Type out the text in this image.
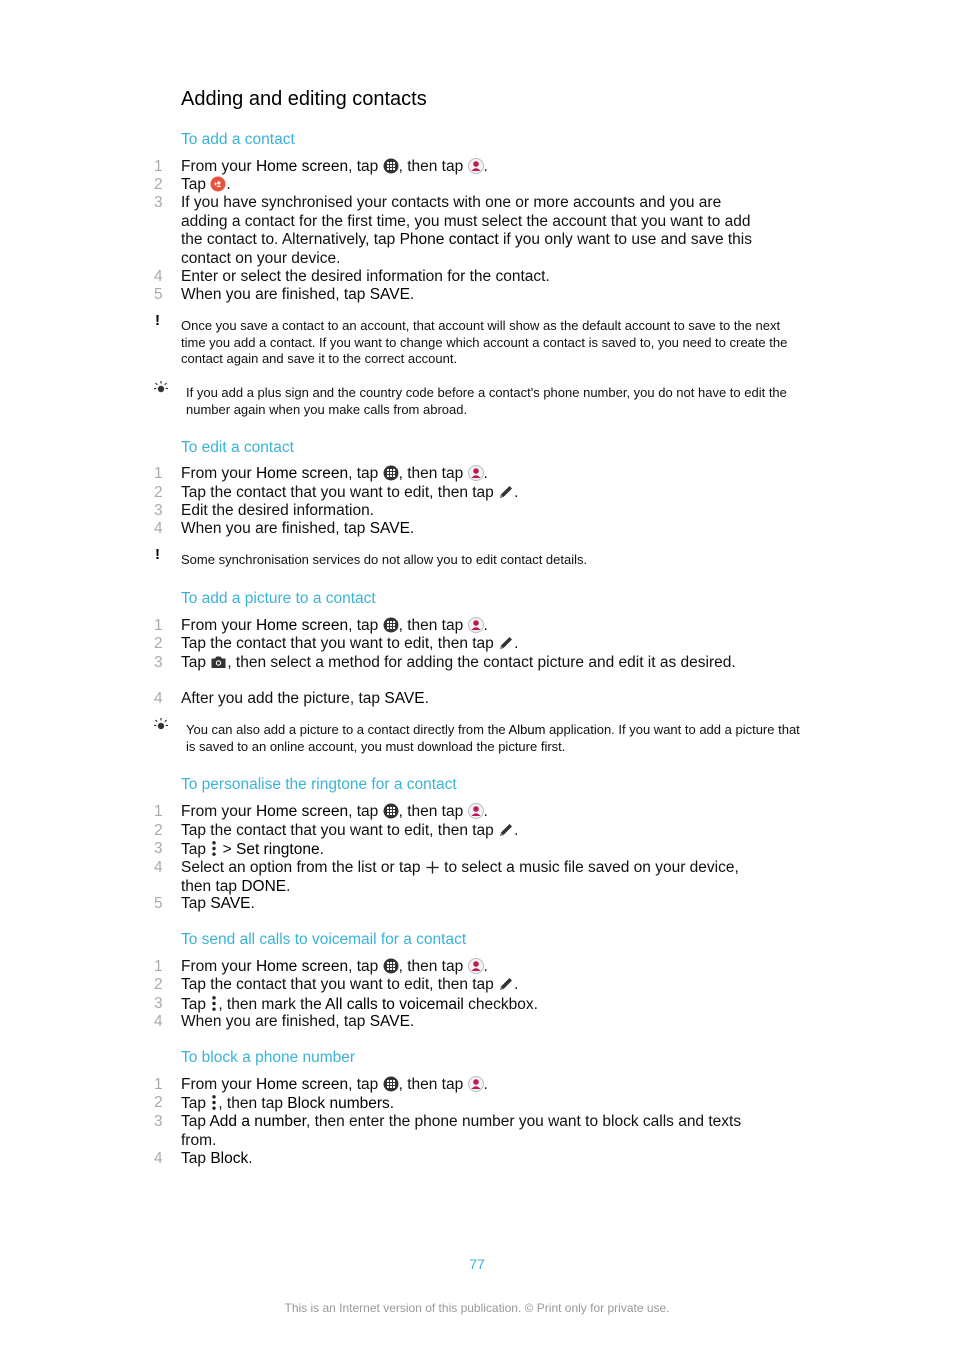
Adding and editing contacts
To add a contact
1	From your Home screen, tap , then tap .
2	Tap .
3	If you have synchronised your contacts with one or more accounts and you are adding a contact for the first time, you must select the account that you want to add the contact to. Alternatively, tap Phone contact if you only want to use and save this contact on your device.
4	Enter or select the desired information for the contact.
5	When you are finished, tap SAVE.
! Once you save a contact to an account, that account will show as the default account to save to the next time you add a contact. If you want to change which account a contact is saved to, you need to create the contact again and save it to the correct account.
If you add a plus sign and the country code before a contact's phone number, you do not have to edit the number again when you make calls from abroad.
To edit a contact
1	From your Home screen, tap , then tap .
2	Tap the contact that you want to edit, then tap .
3	Edit the desired information.
4	When you are finished, tap SAVE.
! Some synchronisation services do not allow you to edit contact details.
To add a picture to a contact
1	From your Home screen, tap , then tap .
2	Tap the contact that you want to edit, then tap .
3	Tap , then select a method for adding the contact picture and edit it as desired.
4	After you add the picture, tap SAVE.
You can also add a picture to a contact directly from the Album application. If you want to add a picture that is saved to an online account, you must download the picture first.
To personalise the ringtone for a contact
1	From your Home screen, tap , then tap .
2	Tap the contact that you want to edit, then tap .
3	Tap  > Set ringtone.
4	Select an option from the list or tap  to select a music file saved on your device, then tap DONE.
5	Tap SAVE.
To send all calls to voicemail for a contact
1	From your Home screen, tap , then tap .
2	Tap the contact that you want to edit, then tap .
3	Tap , then mark the All calls to voicemail checkbox.
4	When you are finished, tap SAVE.
To block a phone number
1	From your Home screen, tap , then tap .
2	Tap , then tap Block numbers.
3	Tap Add a number, then enter the phone number you want to block calls and texts from.
4	Tap Block.
77
This is an Internet version of this publication. © Print only for private use.
